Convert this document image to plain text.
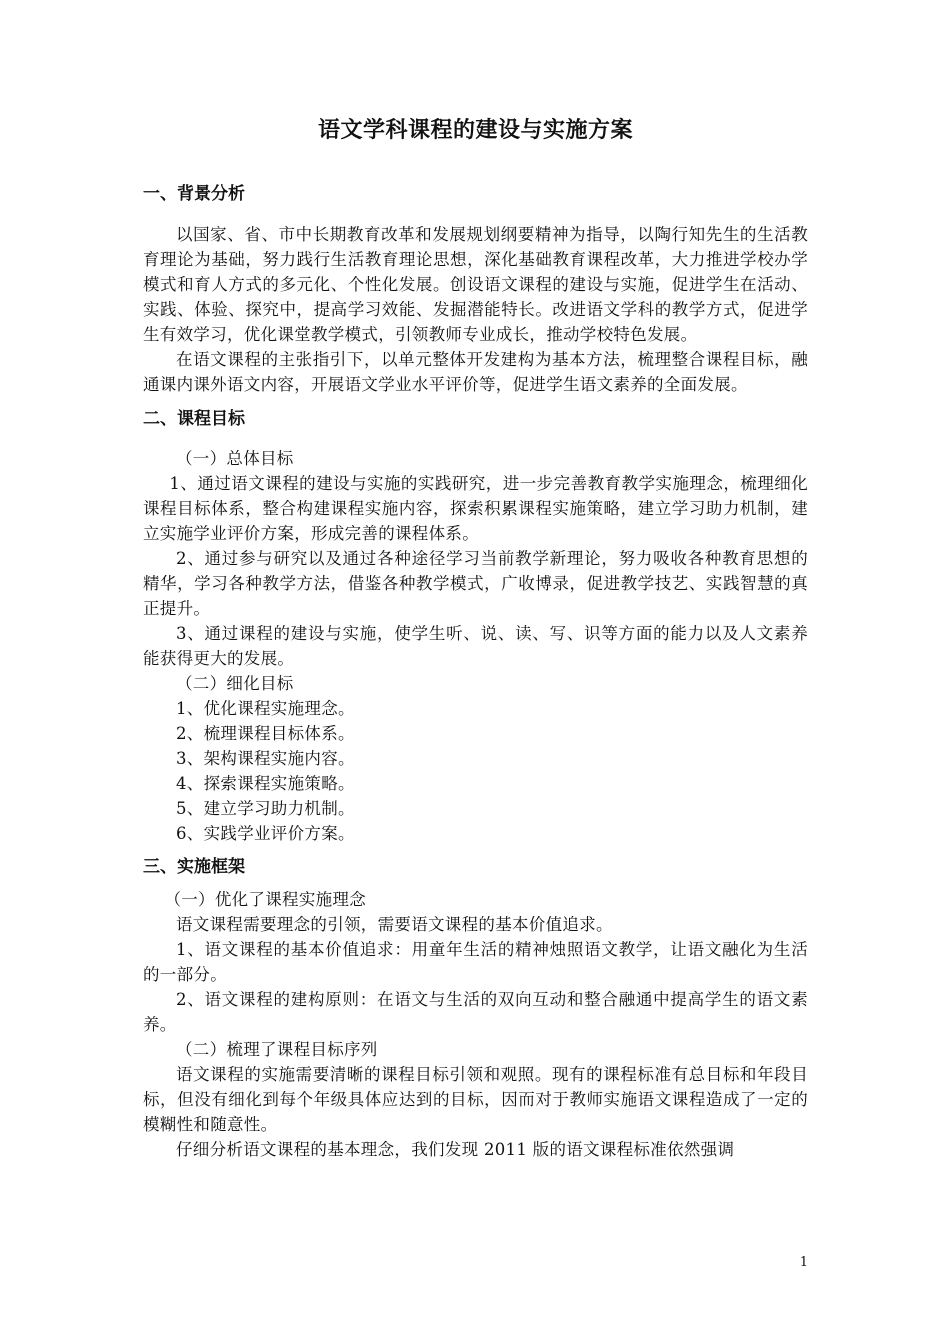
语文学科课程的建设与实施方案
一、背景分析

以国家、省、市中长期教育改革和发展规划纲要精神为指导，以陶行知先生的生活教育理论为基础，努力践行生活教育理论思想，深化基础教育课程改革，大力推进学校办学模式和育人方式的多元化、个性化发展。创设语文课程的建设与实施，促进学生在活动、实践、体验、探究中，提高学习效能、发掘潜能特长。改进语文学科的教学方式，促进学生有效学习，优化课堂教学模式，引领教师专业成长，推动学校特色发展。

在语文课程的主张指引下，以单元整体开发建构为基本方法，梳理整合课程目标，融通课内课外语文内容，开展语文学业水平评价等，促进学生语文素养的全面发展。

二、课程目标

（一）总体目标

1、通过语文课程的建设与实施的实践研究，进一步完善教育教学实施理念，梳理细化课程目标体系，整合构建课程实施内容，探索积累课程实施策略，建立学习助力机制，建立实施学业评价方案，形成完善的课程体系。

2、通过参与研究以及通过各种途径学习当前教学新理论，努力吸收各种教育思想的精华，学习各种教学方法，借鉴各种教学模式，广收博录，促进教学技艺、实践智慧的真正提升。

3、通过课程的建设与实施，使学生听、说、读、写、识等方面的能力以及人文素养能获得更大的发展。

（二）细化目标

1、优化课程实施理念。

2、梳理课程目标体系。

3、架构课程实施内容。

4、探索课程实施策略。

5、建立学习助力机制。

6、实践学业评价方案。

三、实施框架

（一）优化了课程实施理念

语文课程需要理念的引领，需要语文课程的基本价值追求。

1、语文课程的基本价值追求：用童年生活的精神烛照语文教学，让语文融化为生活的一部分。

2、语文课程的建构原则：在语文与生活的双向互动和整合融通中提高学生的语文素养。

（二）梳理了课程目标序列

语文课程的实施需要清晰的课程目标引领和观照。现有的课程标准有总目标和年段目标，但没有细化到每个年级具体应达到的目标，因而对于教师实施语文课程造成了一定的模糊性和随意性。

仔细分析语文课程的基本理念，我们发现 2011 版的语文课程标准依然强调

1
